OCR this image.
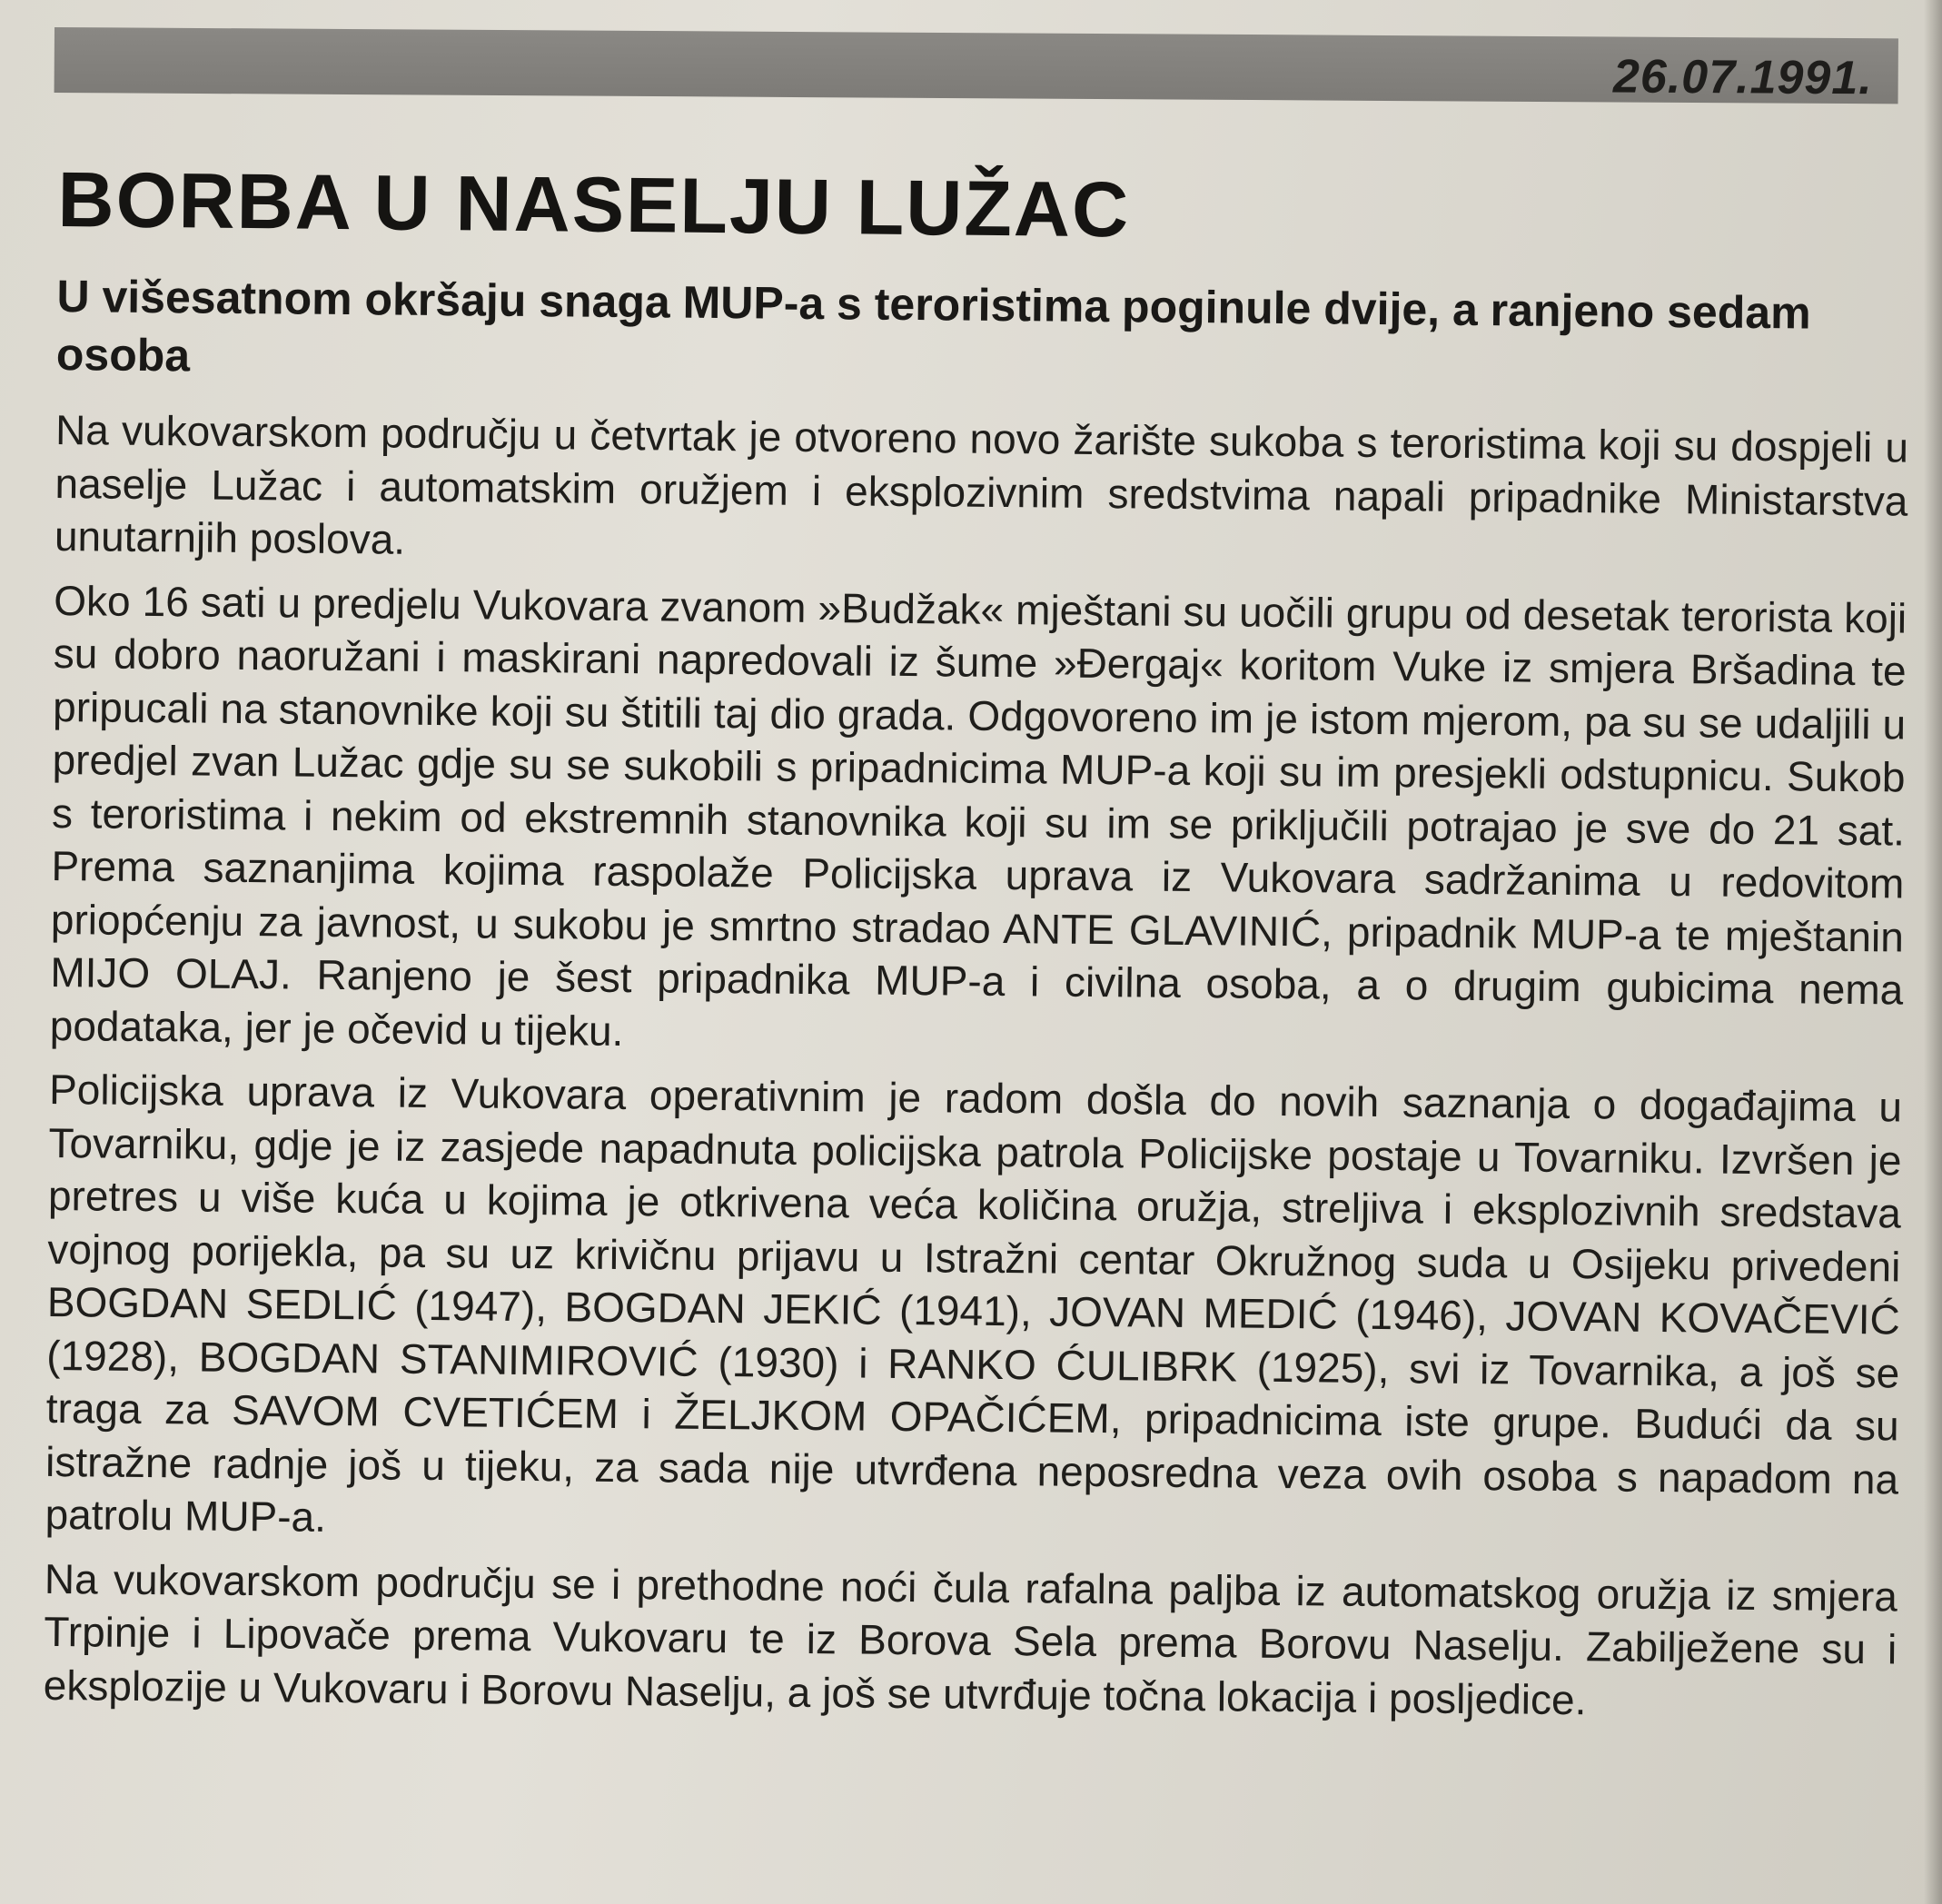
26.07.1991.
BORBA U NASELJU LUŽAC
U višesatnom okršaju snaga MUP-a s teroristima poginule dvije, a ranjeno sedam osoba

Na vukovarskom području u četvrtak je otvoreno novo žarište sukoba s teroristima koji su dospjeli u naselje Lužac i automatskim oružjem i eksplozivnim sredstvima napali pripadnike Ministarstva unutarnjih poslova.

Oko 16 sati u predjelu Vukovara zvanom »Budžak« mještani su uočili grupu od desetak terorista koji su dobro naoružani i maskirani napredovali iz šume »Đergaj« koritom Vuke iz smjera Bršadina te pripucali na stanovnike koji su štitili taj dio grada. Odgovoreno im je istom mjerom, pa su se udaljili u predjel zvan Lužac gdje su se sukobili s pripadnicima MUP-a koji su im presjekli odstupnicu. Sukob s teroristima i nekim od ekstremnih stanovnika koji su im se priključili potrajao je sve do 21 sat. Prema saznanjima kojima raspolaže Policijska uprava iz Vukovara sadržanima u redovitom priopćenju za javnost, u sukobu je smrtno stradao ANTE GLAVINIĆ, pripadnik MUP-a te mještanin MIJO OLAJ. Ranjeno je šest pripadnika MUP-a i civilna osoba, a o drugim gubicima nema podataka, jer je očevid u tijeku.

Policijska uprava iz Vukovara operativnim je radom došla do novih saznanja o događajima u Tovarniku, gdje je iz zasjede napadnuta policijska patrola Policijske postaje u Tovarniku. Izvršen je pretres u više kuća u kojima je otkrivena veća količina oružja, streljiva i eksplozivnih sredstava vojnog porijekla, pa su uz krivičnu prijavu u Istražni centar Okružnog suda u Osijeku privedeni BOGDAN SEDLIĆ (1947), BOGDAN JEKIĆ (1941), JOVAN MEDIĆ (1946), JOVAN KOVAČEVIĆ (1928), BOGDAN STANIMIROVIĆ (1930) i RANKO ĆULIBRK (1925), svi iz Tovarnika, a još se traga za SAVOM CVETIĆEM i ŽELJKOM OPAČIĆEM, pripadnicima iste grupe. Budući da su istražne radnje još u tijeku, za sada nije utvrđena neposredna veza ovih osoba s napadom na patrolu MUP-a.

Na vukovarskom području se i prethodne noći čula rafalna paljba iz automatskog oružja iz smjera Trpinje i Lipovače prema Vukovaru te iz Borova Sela prema Borovu Naselju. Zabilježene su i eksplozije u Vukovaru i Borovu Naselju, a još se utvrđuje točna lokacija i posljedice.
